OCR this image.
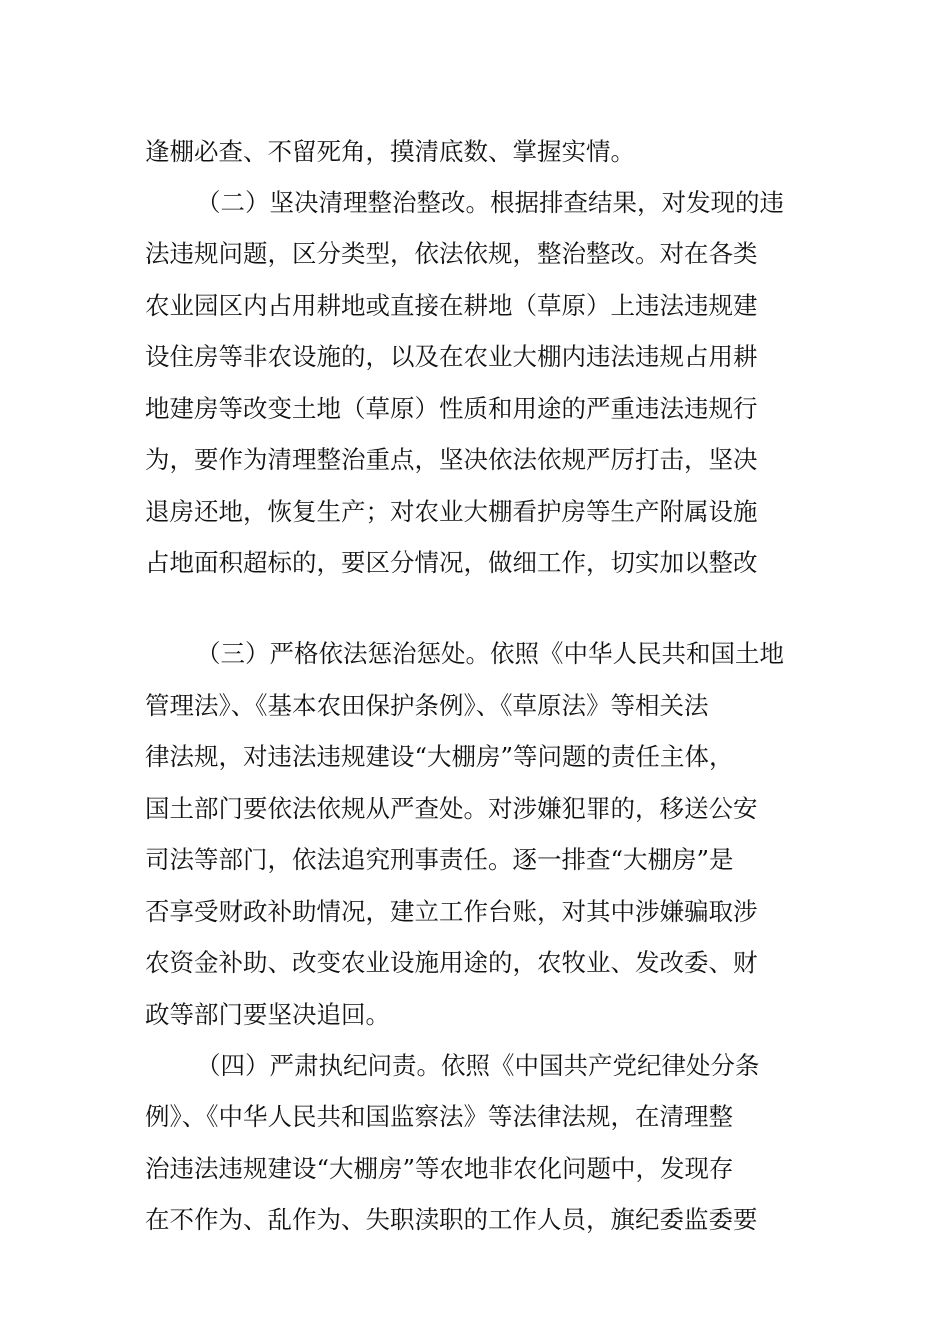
逢棚必查、不留死角，摸清底数、掌握实情。
（二）坚决清理整治整改。根据排查结果，对发现的违
法违规问题，区分类型，依法依规，整治整改。对在各类
农业园区内占用耕地或直接在耕地（草原）上违法违规建
设住房等非农设施的，以及在农业大棚内违法违规占用耕
地建房等改变土地（草原）性质和用途的严重违法违规行
为，要作为清理整治重点，坚决依法依规严厉打击，坚决
退房还地，恢复生产；对农业大棚看护房等生产附属设施
占地面积超标的，要区分情况，做细工作，切实加以整改
（三）严格依法惩治惩处。依照《中华人民共和国土地
管理法》、《基本农田保护条例》、《草原法》等相关法
律法规，对违法违规建设“大棚房”等问题的责任主体，
国土部门要依法依规从严查处。对涉嫌犯罪的，移送公安
司法等部门，依法追究刑事责任。逐一排查“大棚房”是
否享受财政补助情况，建立工作台账，对其中涉嫌骗取涉
农资金补助、改变农业设施用途的，农牧业、发改委、财
政等部门要坚决追回。
（四）严肃执纪问责。依照《中国共产党纪律处分条
例》、《中华人民共和国监察法》等法律法规，在清理整
治违法违规建设“大棚房”等农地非农化问题中，发现存
在不作为、乱作为、失职渎职的工作人员，旗纪委监委要
